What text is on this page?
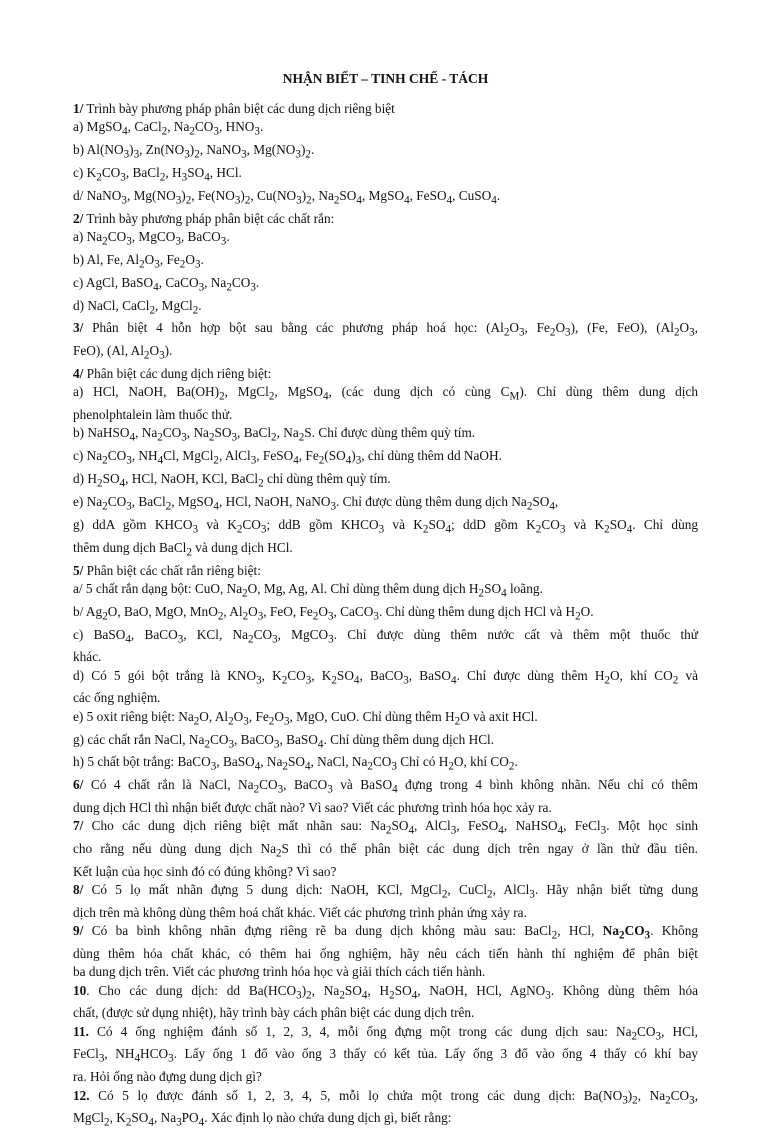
NHẬN BIẾT – TINH CHẾ - TÁCH
1/ Trình bày phương pháp phân biệt các dung dịch riêng biệt
a) MgSO$_4$, CaCl$_2$, $Na_2CO_3$, $HNO_3$.
b) $Al(NO_3)_3$, $Zn(NO_3)_2$, NaNO$_3$, $Mg(NO_3)_2$.
c) $K_2CO_3$, BaCl$_2$, $H_3SO_4$, HCl.
d/ NaNO$_3$, $Mg(NO_3)_2$, $Fe(NO_3)_2$, $Cu(NO_3)_2$, $Na_2SO_4$, MgSO$_4$, FeSO$_4$, CuSO$_4$.
2/ Trình bày phương pháp phân biệt các chất rắn:
a) $Na_2CO_3$, MgCO$_3$, BaCO$_3$.
b) Al, Fe, $Al_2O_3$, $Fe_2O_3$.
c) AgCl, BaSO$_4$, CaCO$_3$, $Na_2CO_3$.
d) NaCl, CaCl$_2$, MgCl$_2$.
3/ Phân biệt 4 hỗn hợp bột sau bằng các phương pháp hoá học: ($Al_2O_3$, $Fe_2O_3$), (Fe, FeO), ($Al_2O_3$,
FeO), (Al, $Al_2O_3$).
4/ Phân biệt các dung dịch riêng biệt:
a) HCl, NaOH, $Ba(OH)_2$, MgCl$_2$, MgSO$_4$, (các dung dịch có cùng $C_M$). Chỉ dùng thêm dung dịch
phenolphtalein làm thuốc thử.
b) NaHSO$_4$, $Na_2CO_3$, $Na_2SO_3$, BaCl$_2$, $Na_2S$. Chỉ được dùng thêm quỳ tím.
c) $Na_2CO_3$, $NH_4Cl$, MgCl$_2$, AlCl$_3$, FeSO$_4$, $Fe_2(SO_4)_3$, chỉ dùng thêm dd NaOH.
d) $H_2SO_4$, HCl, NaOH, KCl, BaCl$_2$ chỉ dùng thêm quỳ tím.
e) $Na_2CO_3$, BaCl$_2$, MgSO$_4$, HCl, NaOH, NaNO$_3$. Chỉ được dùng thêm dung dịch $Na_2SO_4$,
g) ddA gồm $KHCO_3$ và $K_2CO_3$; ddB gồm $KHCO_3$ và $K_2SO_4$; ddD gồm $K_2CO_3$ và $K_2SO_4$. Chỉ dùng
thêm dung dịch BaCl$_2$ và dung dịch HCl.
5/ Phân biệt các chất rắn riêng biệt:
a/ 5 chất rắn dạng bột: CuO, $Na_2O$, Mg, Ag, Al. Chỉ dùng thêm dung dịch $H_2SO_4$ loãng.
b/ $Ag_2O$, BaO, MgO, MnO$_2$, $Al_2O_3$, FeO, $Fe_2O_3$, CaCO$_3$. Chỉ dùng thêm dung dịch HCl và $H_2O$.
c) BaSO$_4$, BaCO$_3$, KCl, $Na_2CO_3$, MgCO$_3$. Chỉ được dùng thêm nước cất và thêm một thuốc thử
khác.
d) Có 5 gói bột trắng là $KNO_3$, $K_2CO_3$, $K_2SO_4$, BaCO$_3$, BaSO$_4$. Chỉ được dùng thêm $H_2O$, khí $CO_2$ và
các ống nghiệm.
e) 5 oxit riêng biệt: $Na_2O$, $Al_2O_3$, $Fe_2O_3$, MgO, CuO. Chỉ dùng thêm $H_2O$ và axit HCl.
g) các chất rắn NaCl, $Na_2CO_3$, BaCO$_3$, BaSO$_4$. Chỉ dùng thêm dung dịch HCl.
h) 5 chất bột trắng: BaCO$_3$, BaSO$_4$, $Na_2SO_4$, NaCl, $Na_2CO_3$ Chỉ có $H_2O$, khí $CO_2$.
6/ Có 4 chất rắn là NaCl, $Na_2CO_3$, BaCO$_3$ và BaSO$_4$ đựng trong 4 bình không nhãn. Nếu chỉ có thêm
dung dịch HCl thì nhận biết được chất nào? Vì sao? Viết các phương trình hóa học xảy ra.
7/ Cho các dung dịch riêng biệt mất nhãn sau: $Na_2SO_4$, AlCl$_3$, FeSO$_4$, NaHSO$_4$, FeCl$_3$. Một học sinh
cho rằng nếu dùng dung dịch $Na_2S$ thì có thể phân biệt các dung dịch trên ngay ở lần thử đầu tiên.
Kết luận của học sinh đó có đúng không? Vì sao?
8/ Có 5 lọ mất nhãn đựng 5 dung dịch: NaOH, KCl, MgCl$_2$, CuCl$_2$, AlCl$_3$. Hãy nhận biết từng dung
dịch trên mà không dùng thêm hoá chất khác. Viết các phương trình phản ứng xảy ra.
9/ Có ba bình không nhãn đựng riêng rẽ ba dung dịch không màu sau: BaCl$_2$, HCl, $Na_2CO_3$. Không
dùng thêm hóa chất khác, có thêm hai ống nghiệm, hãy nêu cách tiến hành thí nghiệm để phân biệt
ba dung dịch trên. Viết các phương trình hóa học và giải thích cách tiến hành.
10. Cho các dung dịch: dd $Ba(HCO_3)_2$, $Na_2SO_4$, $H_2SO_4$, NaOH, HCl, AgNO$_3$. Không dùng thêm hóa
chất, (được sử dụng nhiệt), hãy trình bày cách phân biệt các dung dịch trên.
11. Có 4 ống nghiệm đánh số 1, 2, 3, 4, mỗi ống đựng một trong các dung dịch sau: $Na_2CO_3$, HCl,
FeCl$_3$, $NH_4HCO_3$. Lấy ống 1 đổ vào ống 3 thấy có kết tủa. Lấy ống 3 đổ vào ống 4 thấy có khí bay
ra. Hỏi ống nào đựng dung dịch gì?
12. Có 5 lọ được đánh số 1, 2, 3, 4, 5, mỗi lọ chứa một trong các dung dịch: $Ba(NO_3)_2$, $Na_2CO_3$,
MgCl$_2$, $K_2SO_4$, $Na_3PO_4$. Xác định lọ nào chứa dung dịch gì, biết rằng:
